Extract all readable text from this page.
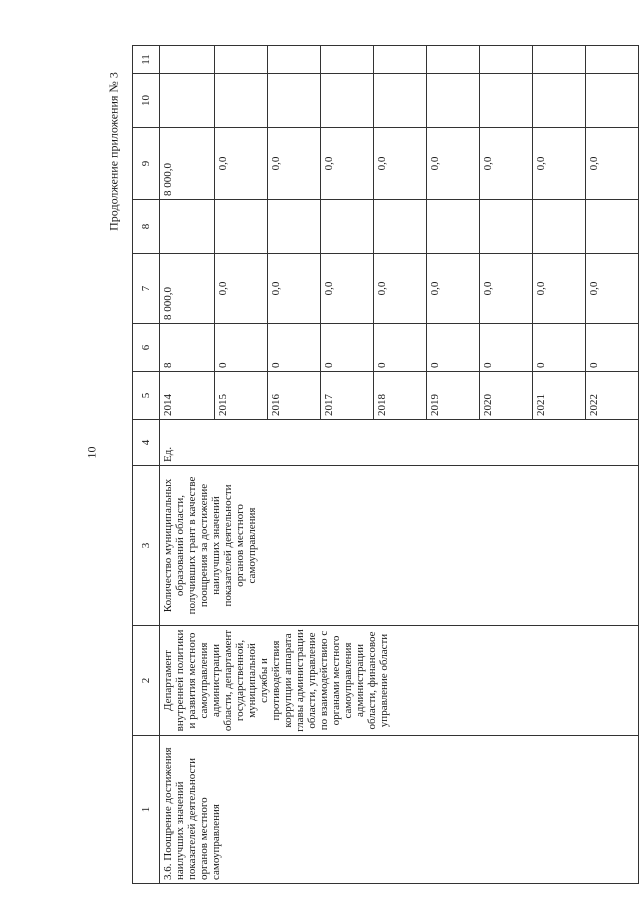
10
Продолжение приложения № 3
1	2	3	4	5	6	7	8	9	10	11
3.6. Поощрение достижения наилучших значений показателей деятельности органов местного самоуправления	Департамент внутренней политики и развития местного самоуправления администрации области, департамент государственной, муниципальной службы и противодействия коррупции аппарата главы администрации области, управление по взаимодействию с органами местного самоуправления администрации области, финансовое управление области	Количество муниципальных образований области, получивших грант в качестве поощрения за достижение наилучших значений показателей деятельности органов местного самоуправления	Ед.	2014	8	8 000,0		8 000,0		
				2015	0	0,0		0,0		
				2016	0	0,0		0,0		
				2017	0	0,0		0,0		
				2018	0	0,0		0,0		
				2019	0	0,0		0,0		
				2020	0	0,0		0,0		
				2021	0	0,0		0,0		
				2022	0	0,0		0,0		
